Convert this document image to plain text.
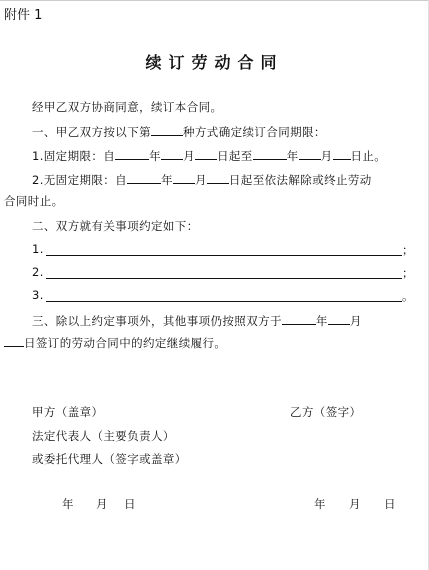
附件 1
续订劳动合同
经甲乙双方协商同意，续订本合同。
一、甲乙双方按以下第	种方式确定续订合同期限：
1.固定期限：自	年 月 日起至	年 月 日止。
2.无固定期限：自	年 月 日起至依法解除或终止劳动
合同时止。
二、双方就有关事项约定如下：
1.	；
2.	；
3.	。
三、除以上约定事项外，其他事项仍按照双方于	年 月
日签订的劳动合同中的约定继续履行。
甲方（盖章）	乙方（签字）
法定代表人（主要负责人）
或委托代理人（签字或盖章）
年 月 日	年 月 日
